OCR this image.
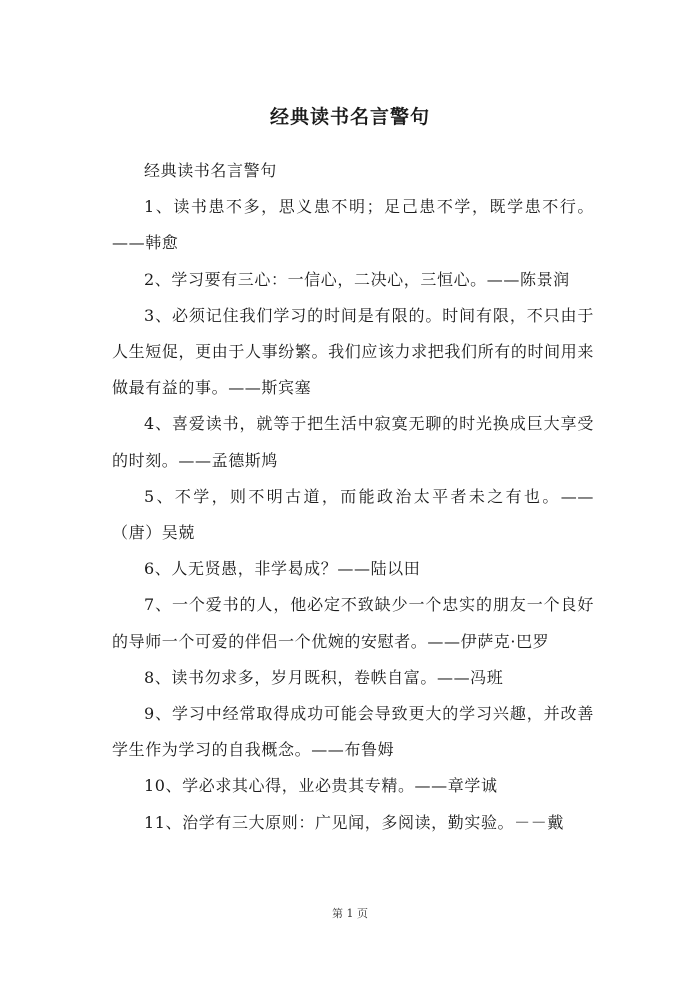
经典读书名言警句

经典读书名言警句

1、读书患不多，思义患不明；足己患不学，既学患不行。——韩愈

2、学习要有三心：一信心，二决心，三恒心。——陈景润

3、必须记住我们学习的时间是有限的。时间有限，不只由于人生短促，更由于人事纷繁。我们应该力求把我们所有的时间用来做最有益的事。——斯宾塞

4、喜爱读书，就等于把生活中寂寞无聊的时光换成巨大享受的时刻。——孟德斯鸠

5、不学，则不明古道，而能政治太平者未之有也。——（唐）吴兢

6、人无贤愚，非学曷成？——陆以田

7、一个爱书的人，他必定不致缺少一个忠实的朋友一个良好的导师一个可爱的伴侣一个优婉的安慰者。——伊萨克·巴罗

8、读书勿求多，岁月既积，卷帙自富。——冯班

9、学习中经常取得成功可能会导致更大的学习兴趣，并改善学生作为学习的自我概念。——布鲁姆

10、学必求其心得，业必贵其专精。——章学诚

11、治学有三大原则：广见闻，多阅读，勤实验。－－戴

第 1 页
